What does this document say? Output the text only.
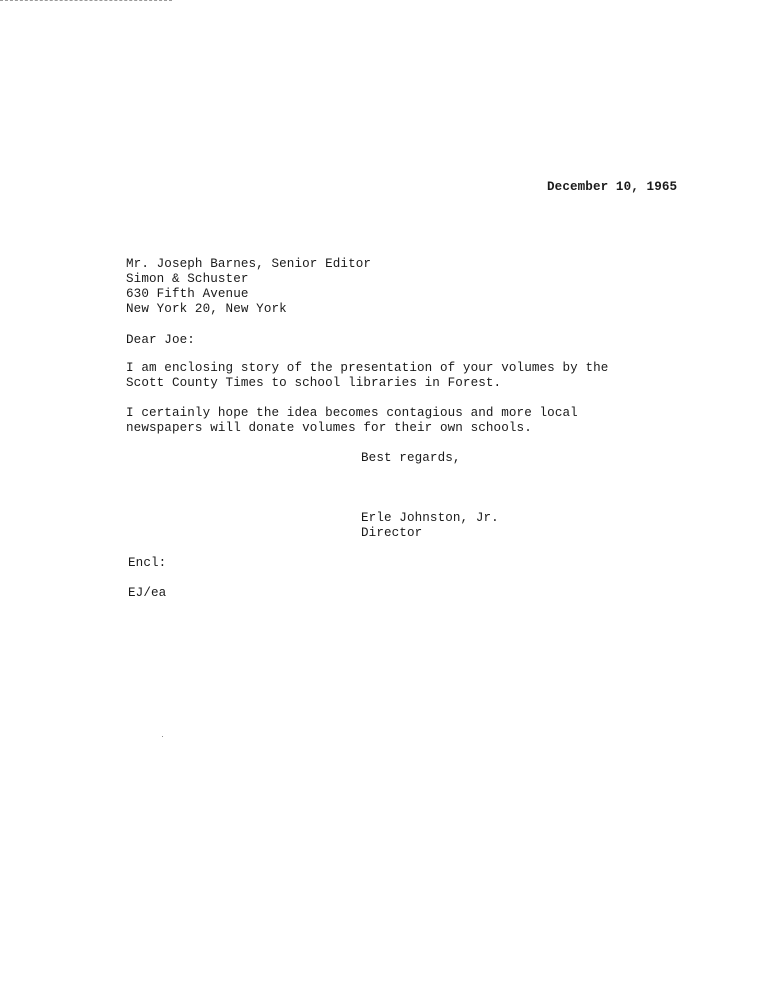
December 10, 1965
Mr. Joseph Barnes, Senior Editor
Simon & Schuster
630 Fifth Avenue
New York 20, New York
Dear Joe:
I am enclosing story of the presentation of your volumes by the
Scott County Times to school libraries in Forest.
I certainly hope the idea becomes contagious and more local
newspapers will donate volumes for their own schools.
Best regards,
Erle Johnston, Jr.
Director
Encl:
EJ/ea
